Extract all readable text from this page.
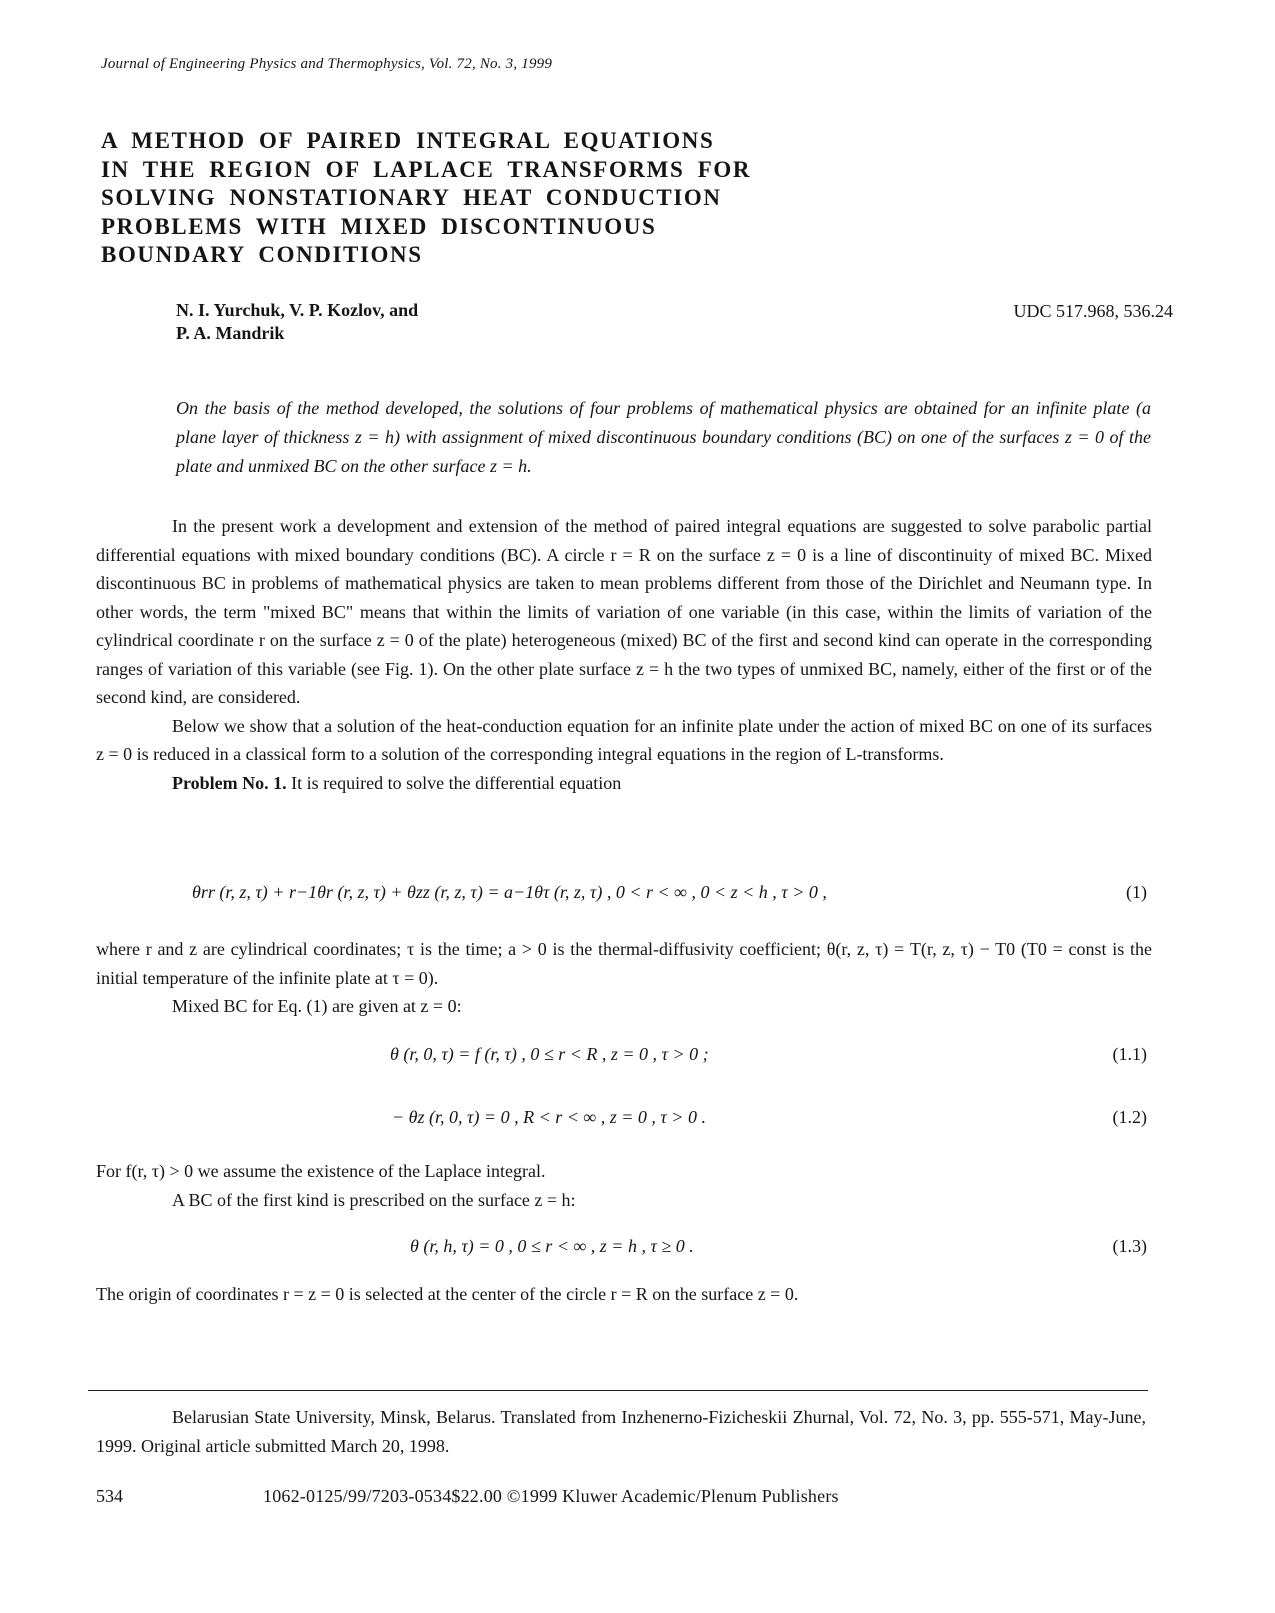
Journal of Engineering Physics and Thermophysics, Vol. 72, No. 3, 1999
A METHOD OF PAIRED INTEGRAL EQUATIONS
IN THE REGION OF LAPLACE TRANSFORMS FOR
SOLVING NONSTATIONARY HEAT CONDUCTION
PROBLEMS WITH MIXED DISCONTINUOUS
BOUNDARY CONDITIONS
N. I. Yurchuk, V. P. Kozlov, and
P. A. Mandrik
UDC 517.968, 536.24
On the basis of the method developed, the solutions of four problems of mathematical physics are obtained for an infinite plate (a plane layer of thickness z = h) with assignment of mixed discontinuous boundary conditions (BC) on one of the surfaces z = 0 of the plate and unmixed BC on the other surface z = h.

In the present work a development and extension of the method of paired integral equations are suggested to solve parabolic partial differential equations with mixed boundary conditions (BC). A circle r = R on the surface z = 0 is a line of discontinuity of mixed BC. Mixed discontinuous BC in problems of mathematical physics are taken to mean problems different from those of the Dirichlet and Neumann type. In other words, the term "mixed BC" means that within the limits of variation of one variable (in this case, within the limits of variation of the cylindrical coordinate r on the surface z = 0 of the plate) heterogeneous (mixed) BC of the first and second kind can operate in the corresponding ranges of variation of this variable (see Fig. 1). On the other plate surface z = h the two types of unmixed BC, namely, either of the first or of the second kind, are considered.

Below we show that a solution of the heat-conduction equation for an infinite plate under the action of mixed BC on one of its surfaces z = 0 is reduced in a classical form to a solution of the corresponding integral equations in the region of L-transforms.

Problem No. 1. It is required to solve the differential equation

θrr (r, z, τ) + r−1θr (r, z, τ) + θzz (r, z, τ) = a−1θτ (r, z, τ) , 0 < r < ∞ , 0 < z < h , τ > 0 ,	(1)

where r and z are cylindrical coordinates; τ is the time; a > 0 is the thermal-diffusivity coefficient; θ(r, z, τ) = T(r, z, τ) − T0 (T0 = const is the initial temperature of the infinite plate at τ = 0).

Mixed BC for Eq. (1) are given at z = 0:

θ (r, 0, τ) = f (r, τ) , 0 ≤ r < R , z = 0 , τ > 0 ;	(1.1)
− θz (r, 0, τ) = 0 , R < r < ∞ , z = 0 , τ > 0 .	(1.2)

For f(r, τ) > 0 we assume the existence of the Laplace integral.

A BC of the first kind is prescribed on the surface z = h:

θ (r, h, τ) = 0 , 0 ≤ r < ∞ , z = h , τ ≥ 0 .	(1.3)

The origin of coordinates r = z = 0 is selected at the center of the circle r = R on the surface z = 0.

Belarusian State University, Minsk, Belarus. Translated from Inzhenerno-Fizicheskii Zhurnal, Vol. 72, No. 3, pp. 555-571, May-June, 1999. Original article submitted March 20, 1998.
534	1062-0125/99/7203-0534$22.00 ©1999 Kluwer Academic/Plenum Publishers
